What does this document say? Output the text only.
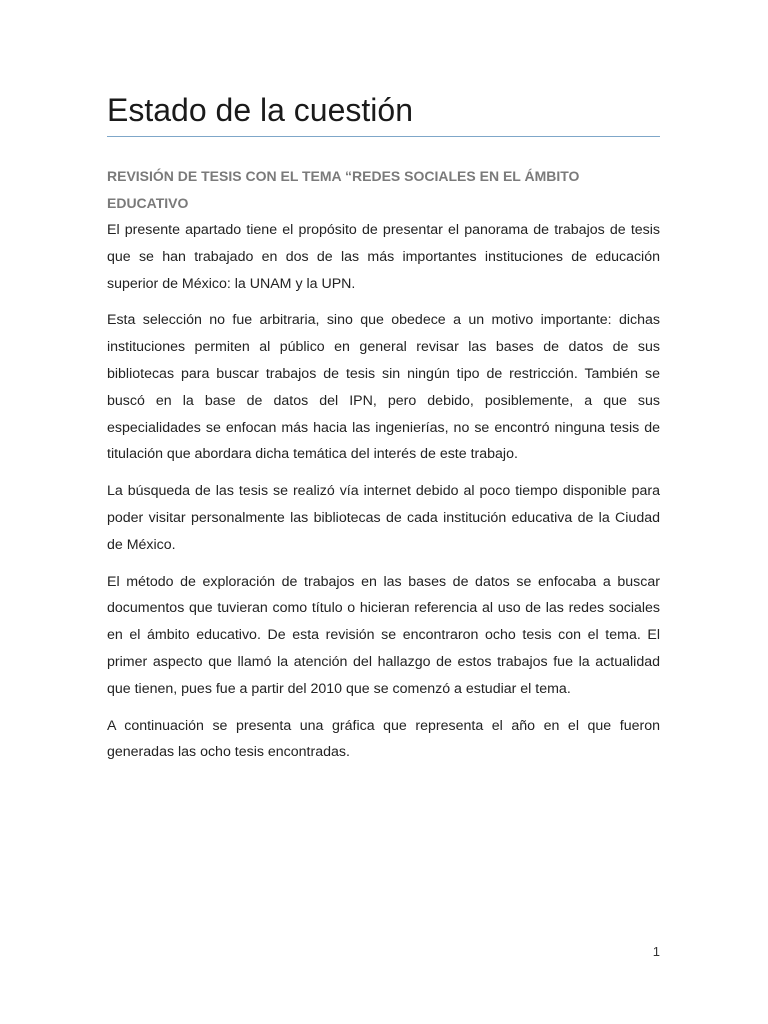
Estado de la cuestión
REVISIÓN DE TESIS CON EL TEMA “REDES SOCIALES EN EL ÁMBITO EDUCATIVO

El presente apartado tiene el propósito de presentar el panorama de trabajos de tesis que se han trabajado en dos de las más importantes instituciones de educación superior de México: la UNAM y la UPN.

Esta selección no fue arbitraria, sino que obedece a un motivo importante: dichas instituciones permiten al público en general revisar las bases de datos de sus bibliotecas para buscar trabajos de tesis sin ningún tipo de restricción. También se buscó en la base de datos del IPN, pero debido, posiblemente, a que sus especialidades se enfocan más hacia las ingenierías, no se encontró ninguna tesis de titulación que abordara dicha temática del interés de este trabajo.

La búsqueda de las tesis se realizó vía internet debido al poco tiempo disponible para poder visitar personalmente las bibliotecas de cada institución educativa de la Ciudad de México.

El método de exploración de trabajos en las bases de datos se enfocaba a buscar documentos que tuvieran como título o hicieran referencia al uso de las redes sociales en el ámbito educativo. De esta revisión se encontraron ocho tesis con el tema. El primer aspecto que llamó la atención del hallazgo de estos trabajos fue la actualidad que tienen, pues fue a partir del 2010 que se comenzó a estudiar el tema.

A continuación se presenta una gráfica que representa el año en el que fueron generadas las ocho tesis encontradas.

1
